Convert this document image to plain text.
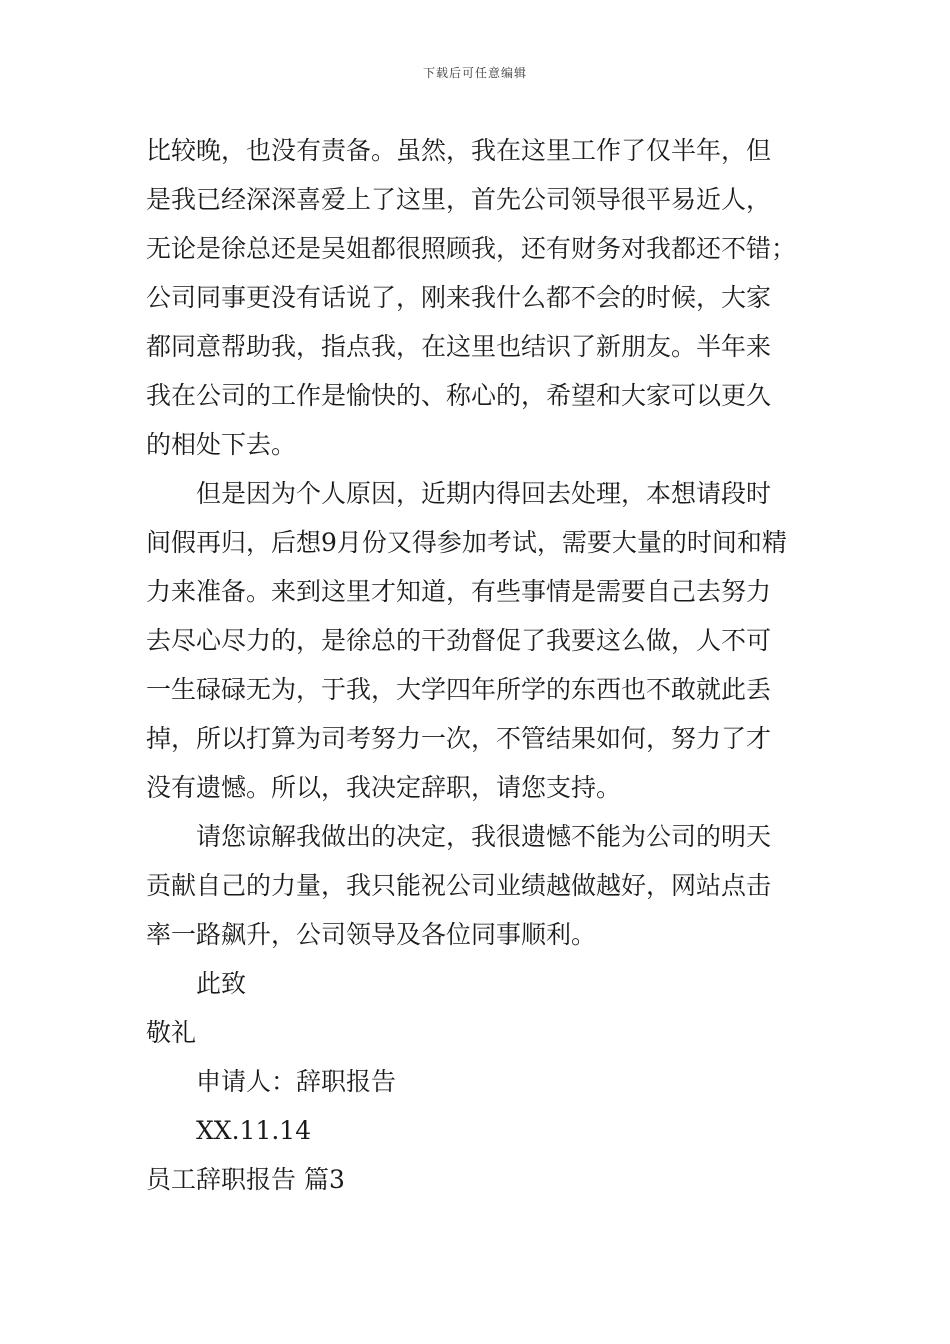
下载后可任意编辑
比较晚，也没有责备。虽然，我在这里工作了仅半年，但
是我已经深深喜爱上了这里，首先公司领导很平易近人，
无论是徐总还是吴姐都很照顾我，还有财务对我都还不错；
公司同事更没有话说了，刚来我什么都不会的时候，大家
都同意帮助我，指点我，在这里也结识了新朋友。半年来
我在公司的工作是愉快的、称心的，希望和大家可以更久
的相处下去。
但是因为个人原因，近期内得回去处理，本想请段时
间假再归，后想9月份又得参加考试，需要大量的时间和精
力来准备。来到这里才知道，有些事情是需要自己去努力
去尽心尽力的，是徐总的干劲督促了我要这么做，人不可
一生碌碌无为，于我，大学四年所学的东西也不敢就此丢
掉，所以打算为司考努力一次，不管结果如何，努力了才
没有遗憾。所以，我决定辞职，请您支持。
请您谅解我做出的决定，我很遗憾不能为公司的明天
贡献自己的力量，我只能祝公司业绩越做越好，网站点击
率一路飙升，公司领导及各位同事顺利。
此致
敬礼
申请人：辞职报告
XX.11.14
员工辞职报告 篇3
